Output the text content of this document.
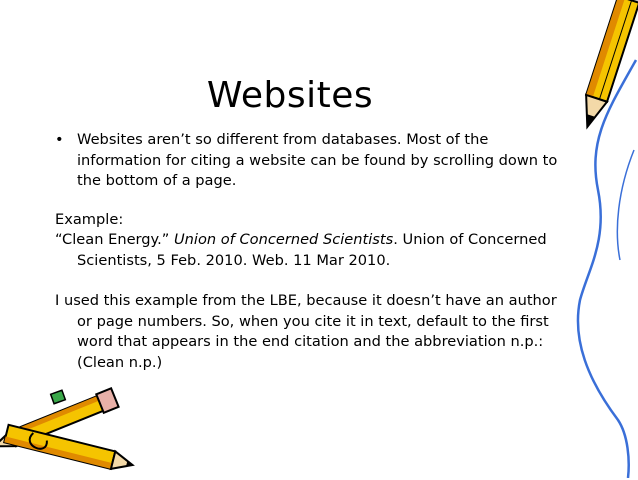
Websites
• Websites aren’t so different from databases. Most of the information for citing a website can be found by scrolling down to the bottom of a page.

Example:

“Clean Energy.” Union of Concerned Scientists. Union of Concerned Scientists, 5 Feb. 2010. Web. 11 Mar 2010.
I used this example from the LBE, because it doesn’t have an author or page numbers. So, when you cite it in text, default to the first word that appears in the end citation and the abbreviation n.p.: (Clean n.p.)
